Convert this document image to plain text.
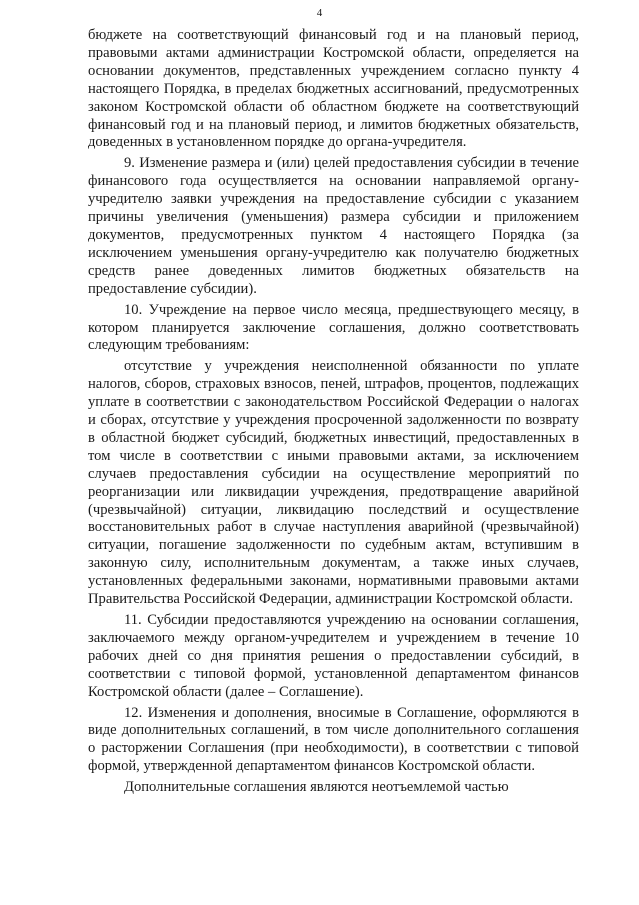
4

бюджете на соответствующий финансовый год и на плановый период, правовыми актами администрации Костромской области, определяется на основании документов, представленных учреждением согласно пункту 4 настоящего Порядка, в пределах бюджетных ассигнований, предусмотренных законом Костромской области об областном бюджете на соответствующий финансовый год и на плановый период, и лимитов бюджетных обязательств, доведенных в установленном порядке до органа-учредителя.

9. Изменение размера и (или) целей предоставления субсидии в течение финансового года осуществляется на основании направляемой органу-учредителю заявки учреждения на предоставление субсидии с указанием причины увеличения (уменьшения) размера субсидии и приложением документов, предусмотренных пунктом 4 настоящего Порядка (за исключением уменьшения органу-учредителю как получателю бюджетных средств ранее доведенных лимитов бюджетных обязательств на предоставление субсидии).

10. Учреждение на первое число месяца, предшествующего месяцу, в котором планируется заключение соглашения, должно соответствовать следующим требованиям:

отсутствие у учреждения неисполненной обязанности по уплате налогов, сборов, страховых взносов, пеней, штрафов, процентов, подлежащих уплате в соответствии с законодательством Российской Федерации о налогах и сборах, отсутствие у учреждения просроченной задолженности по возврату в областной бюджет субсидий, бюджетных инвестиций, предоставленных в том числе в соответствии с иными правовыми актами, за исключением случаев предоставления субсидии на осуществление мероприятий по реорганизации или ликвидации учреждения, предотвращение аварийной (чрезвычайной) ситуации, ликвидацию последствий и осуществление восстановительных работ в случае наступления аварийной (чрезвычайной) ситуации, погашение задолженности по судебным актам, вступившим в законную силу, исполнительным документам, а также иных случаев, установленных федеральными законами, нормативными правовыми актами Правительства Российской Федерации, администрации Костромской области.

11. Субсидии предоставляются учреждению на основании соглашения, заключаемого между органом-учредителем и учреждением в течение 10 рабочих дней со дня принятия решения о предоставлении субсидий, в соответствии с типовой формой, установленной департаментом финансов Костромской области (далее – Соглашение).

12. Изменения и дополнения, вносимые в Соглашение, оформляются в виде дополнительных соглашений, в том числе дополнительного соглашения о расторжении Соглашения (при необходимости), в соответствии с типовой формой, утвержденной департаментом финансов Костромской области.

Дополнительные соглашения являются неотъемлемой частью
